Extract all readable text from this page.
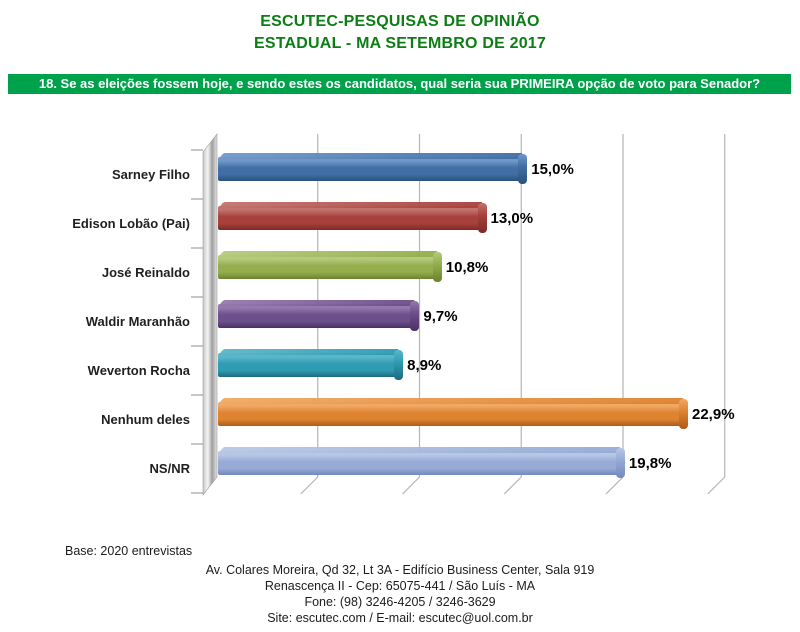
ESCUTEC-PESQUISAS DE OPINIÃO
ESTADUAL - MA SETEMBRO DE 2017
18. Se as eleições fossem hoje, e sendo estes os candidatos, qual seria sua PRIMEIRA opção de voto para Senador?
Sarney Filho	15,0%
Edison Lobão (Pai)	13,0%
José Reinaldo	10,8%
Waldir Maranhão	9,7%
Weverton Rocha	8,9%
Nenhum deles	22,9%
NS/NR	19,8%
Base: 2020 entrevistas
Av. Colares Moreira, Qd 32, Lt 3A - Edifício Business Center, Sala 919
Renascença II - Cep: 65075-441 / São Luís - MA
Fone: (98) 3246-4205 / 3246-3629
Site: escutec.com / E-mail: escutec@uol.com.br
